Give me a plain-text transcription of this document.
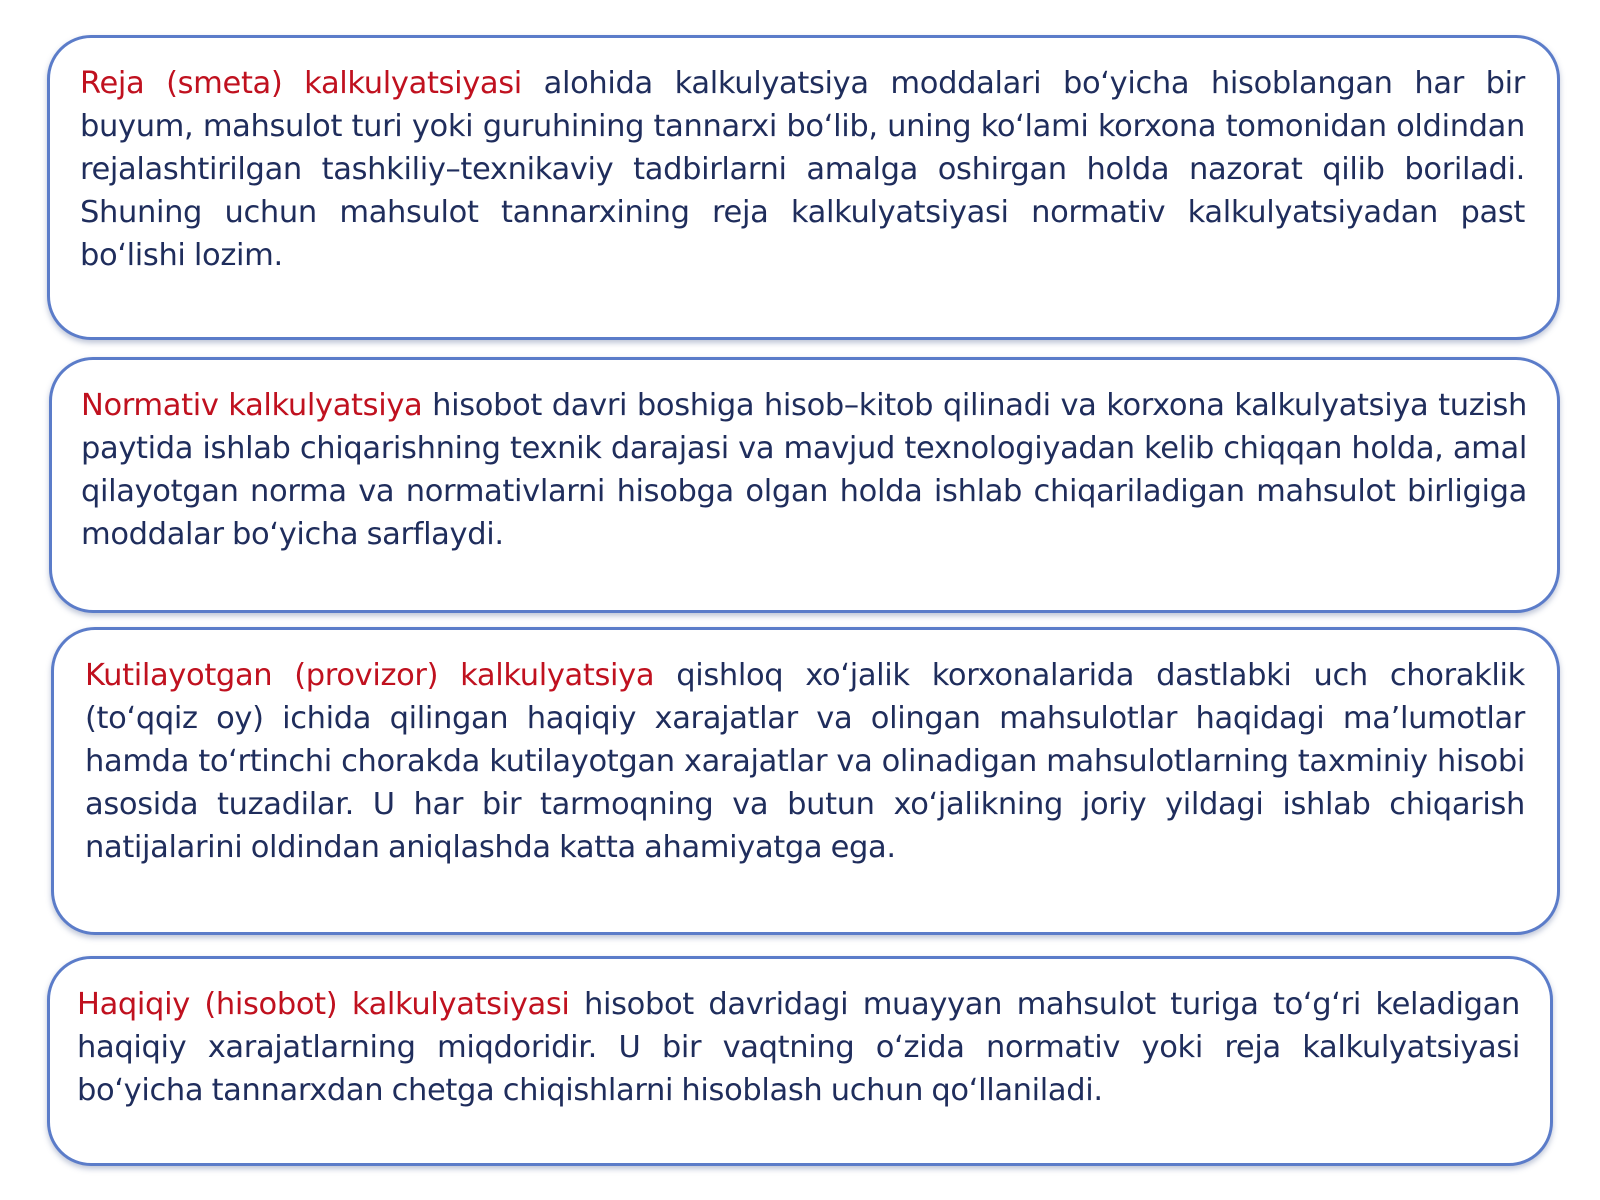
Reja (smeta) kalkulyatsiyasi alohida kalkulyatsiya moddalari bo‘yicha hisoblangan har bir buyum, mahsulot turi yoki guruhining tannarxi bo‘lib, uning ko‘lami korxona tomonidan oldindan rejalashtirilgan tashkiliy–texnikaviy tadbirlarni amalga oshirgan holda nazorat qilib boriladi. Shuning uchun mahsulot tannarxining reja kalkulyatsiyasi normativ kalkulyatsiyadan past bo‘lishi lozim.

Normativ kalkulyatsiya hisobot davri boshiga hisob–kitob qilinadi va korxona kalkulyatsiya tuzish paytida ishlab chiqarishning texnik darajasi va mavjud texnologiyadan kelib chiqqan holda, amal qilayotgan norma va normativlarni hisobga olgan holda ishlab chiqariladigan mahsulot birligiga moddalar bo‘yicha sarflaydi.

Kutilayotgan (provizor) kalkulyatsiya qishloq xo‘jalik korxonalarida dastlabki uch choraklik (to‘qqiz oy) ichida qilingan haqiqiy xarajatlar va olingan mahsulotlar haqidagi ma’lumotlar hamda to‘rtinchi chorakda kutilayotgan xarajatlar va olinadigan mahsulotlarning taxminiy hisobi asosida tuzadilar. U har bir tarmoqning va butun xo‘jalikning joriy yildagi ishlab chiqarish natijalarini oldindan aniqlashda katta ahamiyatga ega.

Haqiqiy (hisobot) kalkulyatsiyasi hisobot davridagi muayyan mahsulot turiga to‘g‘ri keladigan haqiqiy xarajatlarning miqdoridir. U bir vaqtning o‘zida normativ yoki reja kalkulyatsiyasi bo‘yicha tannarxdan chetga chiqishlarni hisoblash uchun qo‘llaniladi.
